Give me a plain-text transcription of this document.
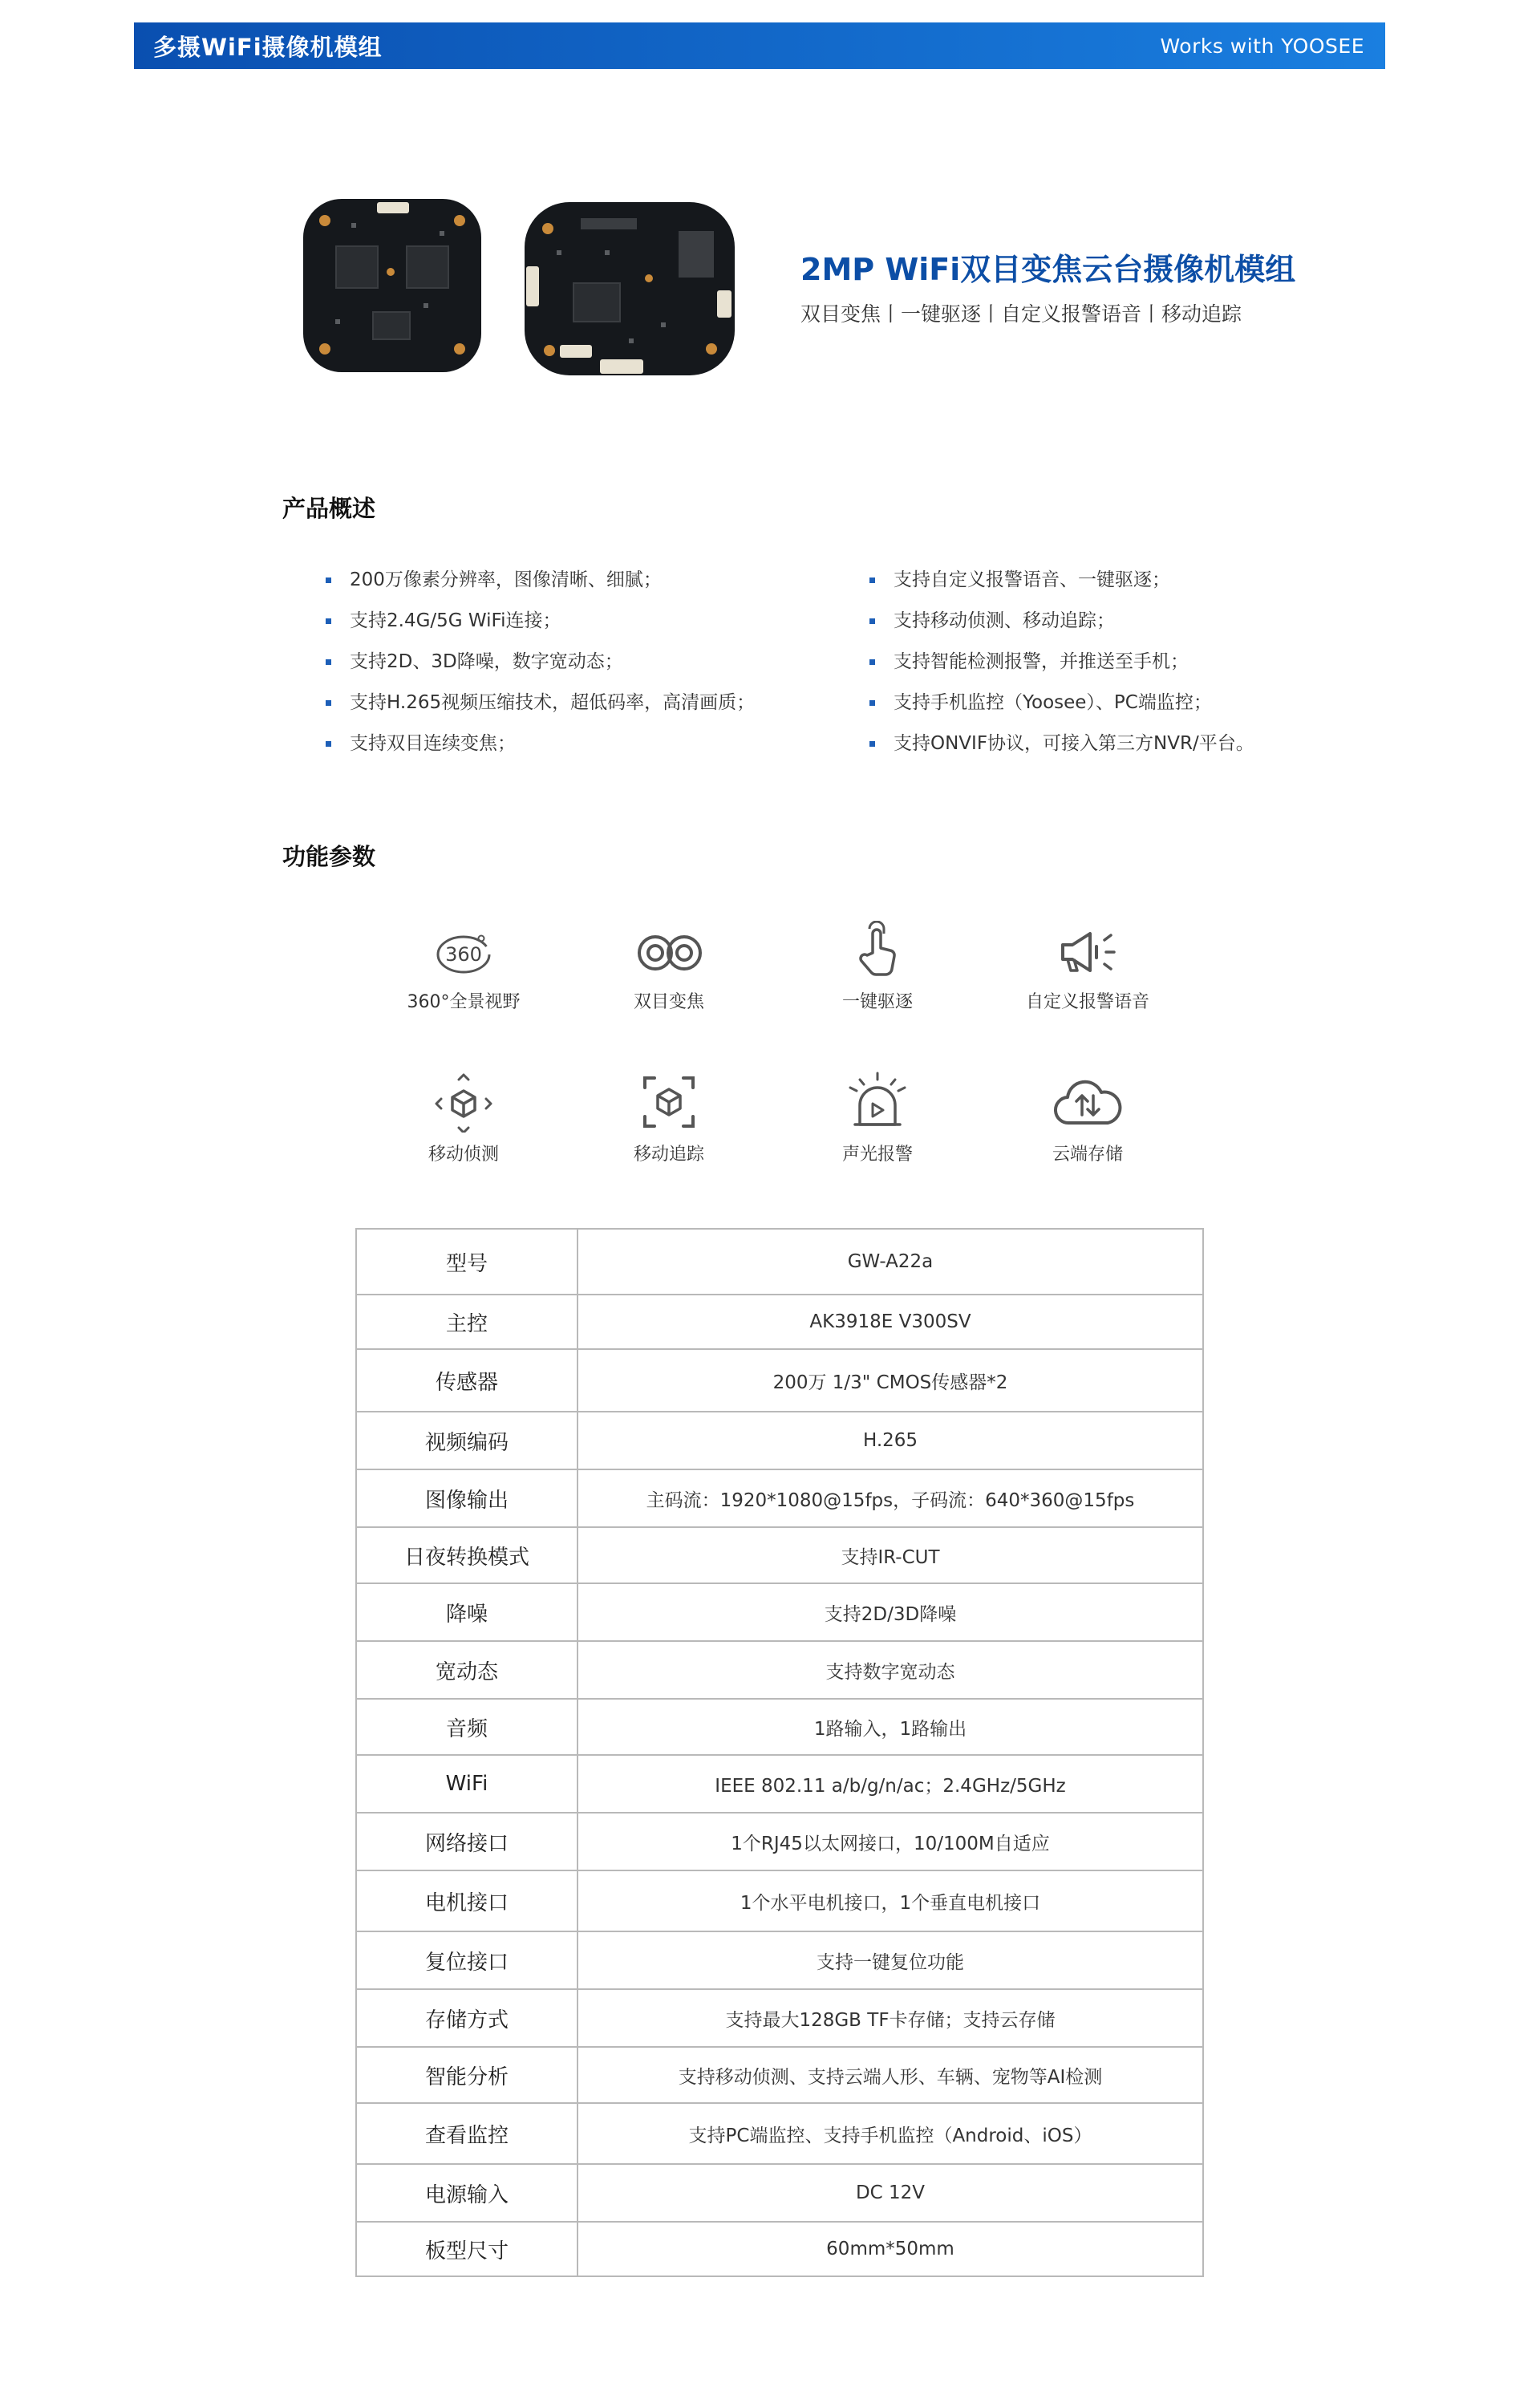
多摄WiFi摄像机模组	Works with YOOSEE
2MP WiFi双目变焦云台摄像机模组
双目变焦丨一键驱逐丨自定义报警语音丨移动追踪
产品概述
200万像素分辨率，图像清晰、细腻；
支持2.4G/5G WiFi连接；
支持2D、3D降噪，数字宽动态；
支持H.265视频压缩技术，超低码率，高清画质；
支持双目连续变焦；
支持自定义报警语音、一键驱逐；
支持移动侦测、移动追踪；
支持智能检测报警，并推送至手机；
支持手机监控（Yoosee）、PC端监控；
支持ONVIF协议，可接入第三方NVR/平台。
功能参数
360
360°全景视野	双目变焦	一键驱逐	自定义报警语音
移动侦测	移动追踪	声光报警	云端存储
型号	GW-A22a
主控	AK3918E V300SV
传感器	200万 1/3" CMOS传感器*2
视频编码	H.265
图像输出	主码流：1920*1080@15fps，子码流：640*360@15fps
日夜转换模式	支持IR-CUT
降噪	支持2D/3D降噪
宽动态	支持数字宽动态
音频	1路输入，1路输出
WiFi	IEEE 802.11 a/b/g/n/ac；2.4GHz/5GHz
网络接口	1个RJ45以太网接口，10/100M自适应
电机接口	1个水平电机接口，1个垂直电机接口
复位接口	支持一键复位功能
存储方式	支持最大128GB TF卡存储；支持云存储
智能分析	支持移动侦测、支持云端人形、车辆、宠物等AI检测
查看监控	支持PC端监控、支持手机监控（Android、iOS）
电源输入	DC 12V
板型尺寸	60mm*50mm
